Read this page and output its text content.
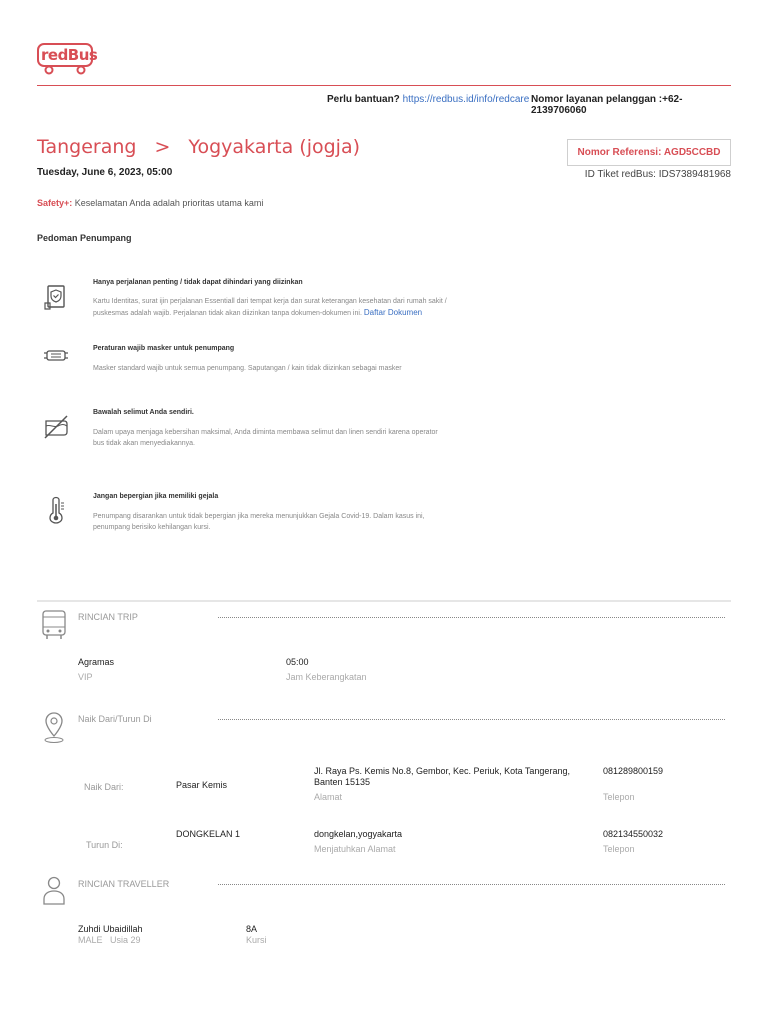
redBus
Perlu bantuan? https://redbus.id/info/redcare Nomor layanan pelanggan :+62-2139706060
Tangerang > Yogyakarta (jogja)
Tuesday, June 6, 2023, 05:00
Nomor Referensi: AGD5CCBD
ID Tiket redBus: IDS7389481968
Safety+: Keselamatan Anda adalah prioritas utama kami
Pedoman Penumpang
Hanya perjalanan penting / tidak dapat dihindari yang diizinkan
Kartu Identitas, surat ijin perjalanan Essentiall dari tempat kerja dan surat keterangan kesehatan dari rumah sakit /
puskesmas adalah wajib. Perjalanan tidak akan diizinkan tanpa dokumen-dokumen ini. Daftar Dokumen
Peraturan wajib masker untuk penumpang
Masker standard wajib untuk semua penumpang. Saputangan / kain tidak diizinkan sebagai masker
Bawalah selimut Anda sendiri.
Dalam upaya menjaga kebersihan maksimal, Anda diminta membawa selimut dan linen sendiri karena operator
bus tidak akan menyediakannya.
Jangan bepergian jika memiliki gejala
Penumpang disarankan untuk tidak bepergian jika mereka menunjukkan Gejala Covid-19. Dalam kasus ini,
penumpang berisiko kehilangan kursi.
RINCIAN TRIP
Agramas
VIP
05:00
Jam Keberangkatan
Naik Dari/Turun Di
Naik Dari:	Pasar Kemis
Jl. Raya Ps. Kemis No.8, Gembor, Kec. Periuk, Kota Tangerang,
Banten 15135
Alamat
081289800159
Telepon
Turun Di:
DONGKELAN 1	dongkelan,yogyakarta
Menjatuhkan Alamat
082134550032
Telepon
RINCIAN TRAVELLER
Zuhdi Ubaidillah
MALE Usia 29
8A
Kursi
